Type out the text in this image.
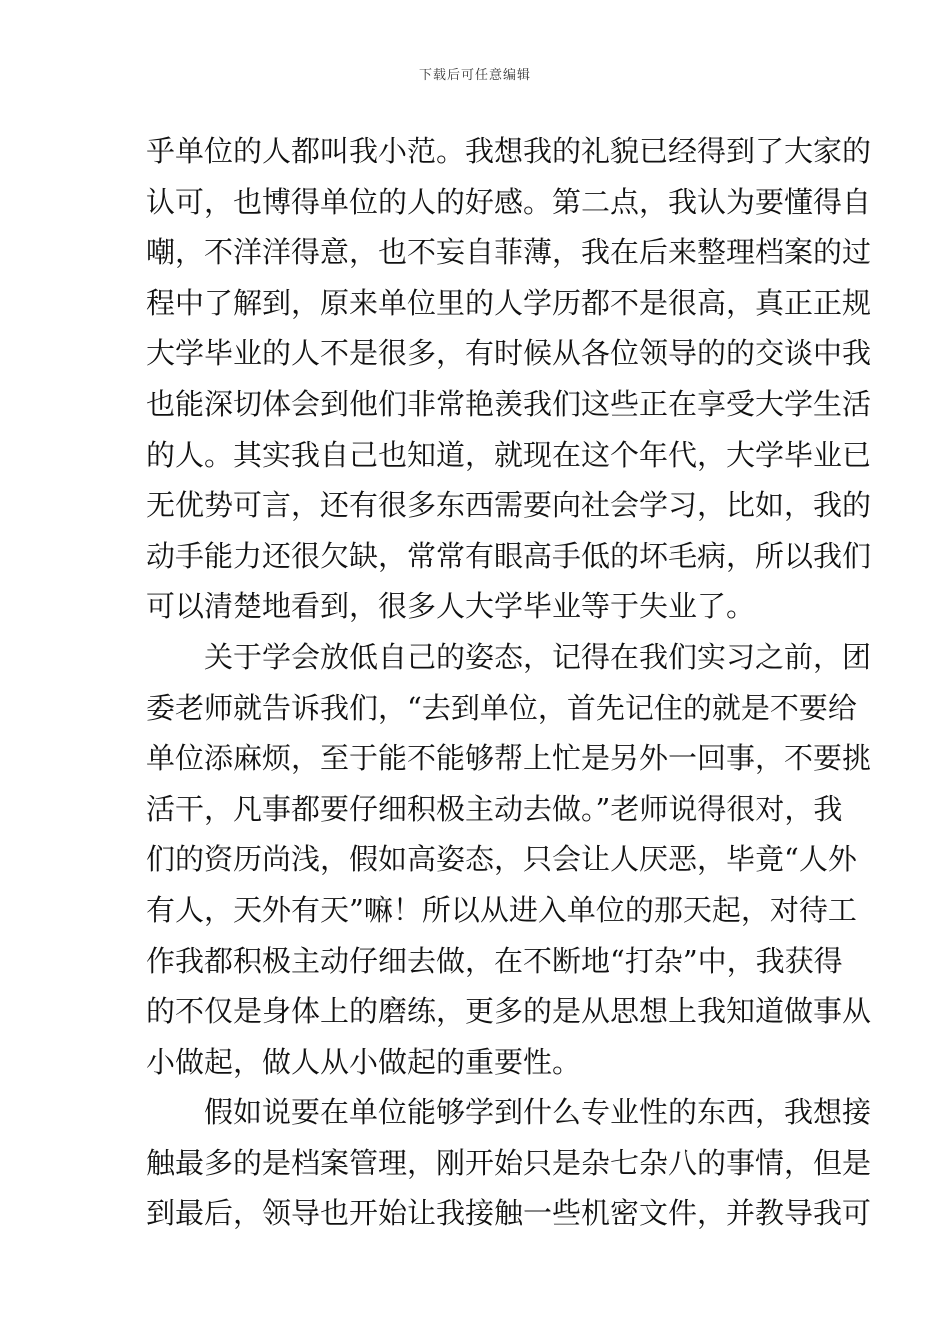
下载后可任意编辑
乎单位的人都叫我小范。我想我的礼貌已经得到了大家的
认可，也博得单位的人的好感。第二点，我认为要懂得自
嘲，不洋洋得意，也不妄自菲薄，我在后来整理档案的过
程中了解到，原来单位里的人学历都不是很高，真正正规
大学毕业的人不是很多，有时候从各位领导的的交谈中我
也能深切体会到他们非常艳羡我们这些正在享受大学生活
的人。其实我自己也知道，就现在这个年代，大学毕业已
无优势可言，还有很多东西需要向社会学习，比如，我的
动手能力还很欠缺，常常有眼高手低的坏毛病，所以我们
可以清楚地看到，很多人大学毕业等于失业了。
关于学会放低自己的姿态，记得在我们实习之前，团
委老师就告诉我们，“去到单位，首先记住的就是不要给
单位添麻烦，至于能不能够帮上忙是另外一回事，不要挑
活干，凡事都要仔细积极主动去做。”老师说得很对，我
们的资历尚浅，假如高姿态，只会让人厌恶，毕竟“人外
有人，天外有天”嘛！所以从进入单位的那天起，对待工
作我都积极主动仔细去做，在不断地“打杂”中，我获得
的不仅是身体上的磨练，更多的是从思想上我知道做事从
小做起，做人从小做起的重要性。
假如说要在单位能够学到什么专业性的东西，我想接
触最多的是档案管理，刚开始只是杂七杂八的事情，但是
到最后，领导也开始让我接触一些机密文件，并教导我可
